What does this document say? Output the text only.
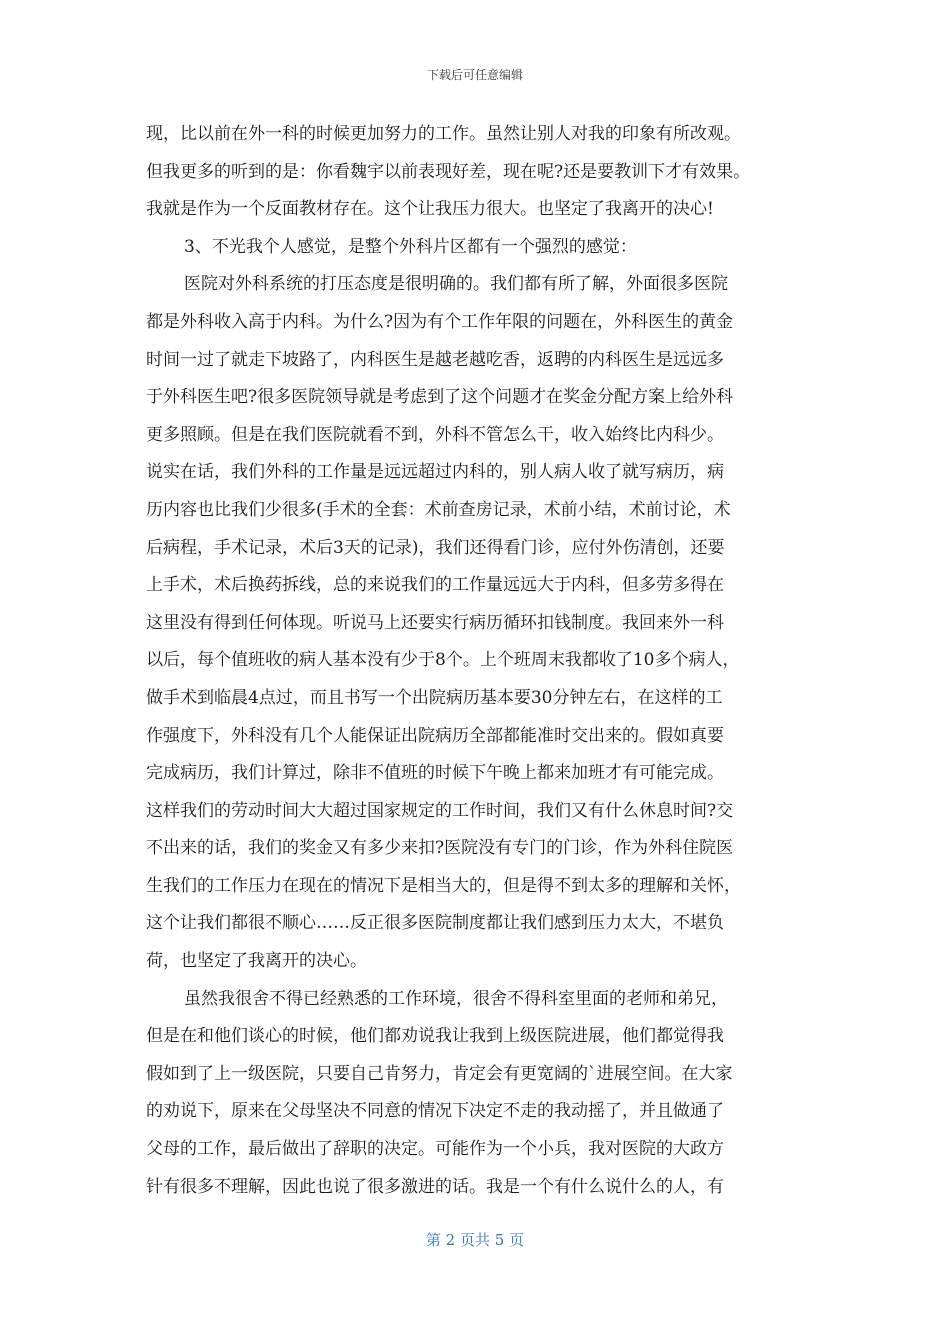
下载后可任意编辑
现，比以前在外一科的时候更加努力的工作。虽然让别人对我的印象有所改观。
但我更多的听到的是：你看魏宇以前表现好差，现在呢?还是要教训下才有效果。
我就是作为一个反面教材存在。这个让我压力很大。也坚定了我离开的决心!
3、不光我个人感觉，是整个外科片区都有一个强烈的感觉：
医院对外科系统的打压态度是很明确的。我们都有所了解，外面很多医院
都是外科收入高于内科。为什么?因为有个工作年限的问题在，外科医生的黄金
时间一过了就走下坡路了，内科医生是越老越吃香，返聘的内科医生是远远多
于外科医生吧?很多医院领导就是考虑到了这个问题才在奖金分配方案上给外科
更多照顾。但是在我们医院就看不到，外科不管怎么干，收入始终比内科少。
说实在话，我们外科的工作量是远远超过内科的，别人病人收了就写病历，病
历内容也比我们少很多(手术的全套：术前查房记录，术前小结，术前讨论，术
后病程，手术记录，术后3天的记录)，我们还得看门诊，应付外伤清创，还要
上手术，术后换药拆线，总的来说我们的工作量远远大于内科，但多劳多得在
这里没有得到任何体现。听说马上还要实行病历循环扣钱制度。我回来外一科
以后，每个值班收的病人基本没有少于8个。上个班周末我都收了10多个病人，
做手术到临晨4点过，而且书写一个出院病历基本要30分钟左右，在这样的工
作强度下，外科没有几个人能保证出院病历全部都能准时交出来的。假如真要
完成病历，我们计算过，除非不值班的时候下午晚上都来加班才有可能完成。
这样我们的劳动时间大大超过国家规定的工作时间，我们又有什么休息时间?交
不出来的话，我们的奖金又有多少来扣?医院没有专门的门诊，作为外科住院医
生我们的工作压力在现在的情况下是相当大的，但是得不到太多的理解和关怀，
这个让我们都很不顺心……反正很多医院制度都让我们感到压力太大，不堪负
荷，也坚定了我离开的决心。
虽然我很舍不得已经熟悉的工作环境，很舍不得科室里面的老师和弟兄，
但是在和他们谈心的时候，他们都劝说我让我到上级医院进展，他们都觉得我
假如到了上一级医院，只要自己肯努力，肯定会有更宽阔的`进展空间。在大家
的劝说下，原来在父母坚决不同意的情况下决定不走的我动摇了，并且做通了
父母的工作，最后做出了辞职的决定。可能作为一个小兵，我对医院的大政方
针有很多不理解，因此也说了很多激进的话。我是一个有什么说什么的人，有
第 2 页共 5 页
